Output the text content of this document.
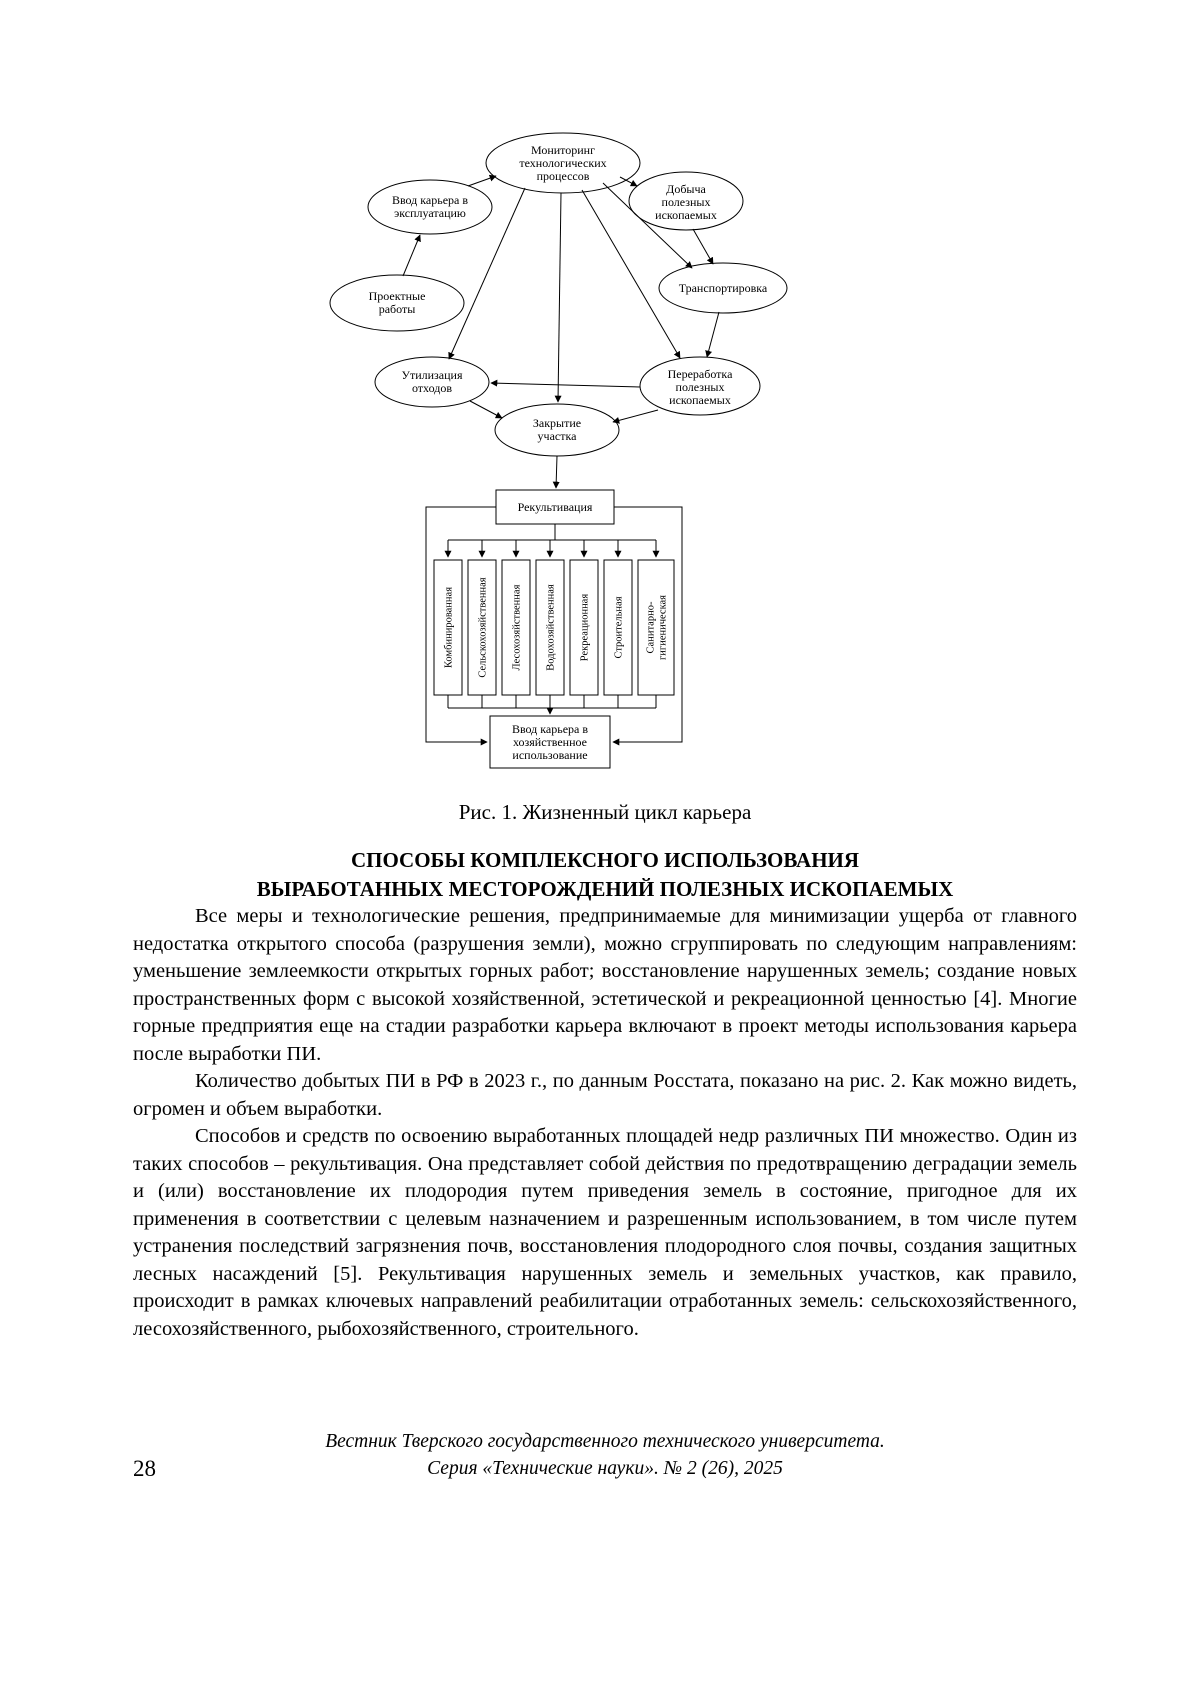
Мониторинг
технологических
процессов
Ввод карьера в
эксплуатацию
Добыча
полезных
ископаемых
Проектные
работы
Транспортировка
Утилизация
отходов
Переработка
полезных
ископаемых
Закрытие
участка
Рекультивация
Комбинированная Сельскохозяйственная Лесохозяйственная Водохозяйственная Рекреационная Строительная Санитарно- гигиеническая
Ввод карьера в
хозяйственное
использование
Рис. 1. Жизненный цикл карьера
СПОСОБЫ КОМПЛЕКСНОГО ИСПОЛЬЗОВАНИЯ
ВЫРАБОТАННЫХ МЕСТОРОЖДЕНИЙ ПОЛЕЗНЫХ ИСКОПАЕМЫХ

Все меры и технологические решения, предпринимаемые для минимизации ущерба от главного недостатка открытого способа (разрушения земли), можно сгруппировать по следующим направлениям: уменьшение землеемкости открытых горных работ; восстановление нарушенных земель; создание новых пространственных форм с высокой хозяйственной, эстетической и рекреационной ценностью [4]. Многие горные предприятия еще на стадии разработки карьера включают в проект методы использования карьера после выработки ПИ.

Количество добытых ПИ в РФ в 2023 г., по данным Росстата, показано на рис. 2. Как можно видеть, огромен и объем выработки.

Способов и средств по освоению выработанных площадей недр различных ПИ множество. Один из таких способов – рекультивация. Она представляет собой действия по предотвращению деградации земель и (или) восстановление их плодородия путем приведения земель в состояние, пригодное для их применения в соответствии с целевым назначением и разрешенным использованием, в том числе путем устранения последствий загрязнения почв, восстановления плодородного слоя почвы, создания защитных лесных насаждений [5]. Рекультивация нарушенных земель и земельных участков, как правило, происходит в рамках ключевых направлений реабилитации отработанных земель: сельскохозяйственного, лесохозяйственного, рыбохозяйственного, строительного.

Вестник Тверского государственного технического университета.
Серия «Технические науки». № 2 (26), 2025
28
